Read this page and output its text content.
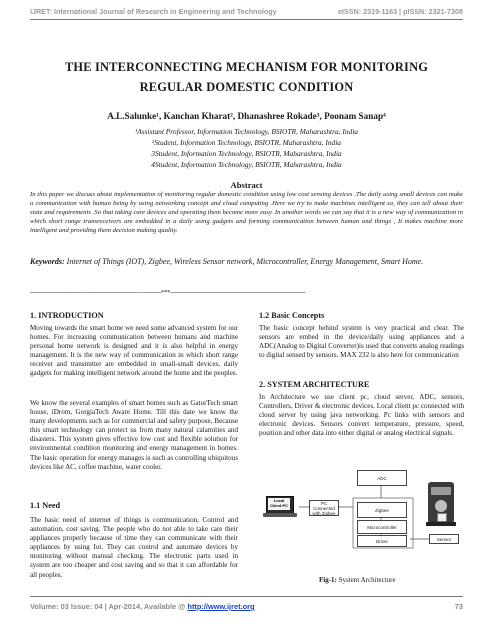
IJRET: International Journal of Research in Engineering and Technology	eISSN: 2319-1163 | pISSN: 2321-7308
THE INTERCONNECTING MECHANISM FOR MONITORING
REGULAR DOMESTIC CONDITION
A.L.Salunke¹, Kanchan Kharat², Dhanashree Rokade³, Poonam Sanap⁴
¹Assistant Professor, Information Technology, BSIOTR, Maharashtra, India
²Student, Information Technology, BSIOTR, Maharashtra, India
3Student, Information Technology, BSIOTR, Maharashtra, India
4Student, Information Technology, BSIOTR, Maharashtra, India
Abstract
In this paper we discuss about implementation of monitoring regular domestic condition using low cost sensing devices .The daily using small devices can make a communication with human being by using networking concept and cloud computing .Here we try to make machines intelligent so, they can tell about their state and requirements .So that taking care devices and operating them become more easy. In another words we can say that it is a new way of communication in which short range transreceivers are embedded in a daily using gadgets and forming communication between human and things , It makes machine more intelligent and providing them decision making quality.
Keywords: Internet of Things (IOT), Zigbee, Wireless Sensor network, Microcontroller, Energy Management, Smart Home.
--------------------------------------------------------------------***----------------------------------------------------------------------
1. INTRODUCTION
Moving towards the smart home we need some advanced system for our homes. For increasing communication between humans and machine personal home network is designed and it is also helpful in energy management. It is the new way of communication in which short range receiver and transmitter are embedded in small-small devices, daily gadgets for making intelligent network around the home and the peoples.
We know the several examples of smart homes such as GatorTech smart house, iDrom, GorgiaTech Aware Home. Till this date we know the many developments such as for commercial and safety purpose, Because this smart technology can protect us from many natural calamities and disasters. This system gives effective low cost and flexible solution for environmental condition monitoring and energy management in homes. The basic operation for energy manages is such as controlling ubiquitous devices like AC, coffee machine, water cooler.
1.1 Need
The basic need of internet of things is communication, Control and automation, cost saving. The people who do not able to take care their appliances properly because of time they can communicate with their appliances by using Iot. They can control and automate devices by monitoring without manual checking. The electronic parts used in system are too cheaper and cost saving and so that it can affordable for all peoples.
1.2 Basic Concepts
The basic concept behind system is very practical and clear. The sensors are embed in the device/daily using appliances and a ADC(Analog to Digital Converter)is used that converts analog readings to digital sensed by sensors. MAX 232 is also here for communication
2. SYSTEM ARCHITECTURE
In Architecture we use client pc, cloud server, ADC, sensors, Controllers, Driver & electronic devices. Local client pc connected with cloud server by using java networking. Pc links with sensors and electronic devices. Sensors convert temperature, pressure, speed, position and other data into either digital or analog electrical signals.
Local Client PC	PC Connected with Zigbee
ADC
Zigbee
Microcontroller
Driver	Sensor
Fig-1: System Architecture
Volume: 03 Issue: 04 | Apr-2014, Available @ http://www.ijret.org	73
